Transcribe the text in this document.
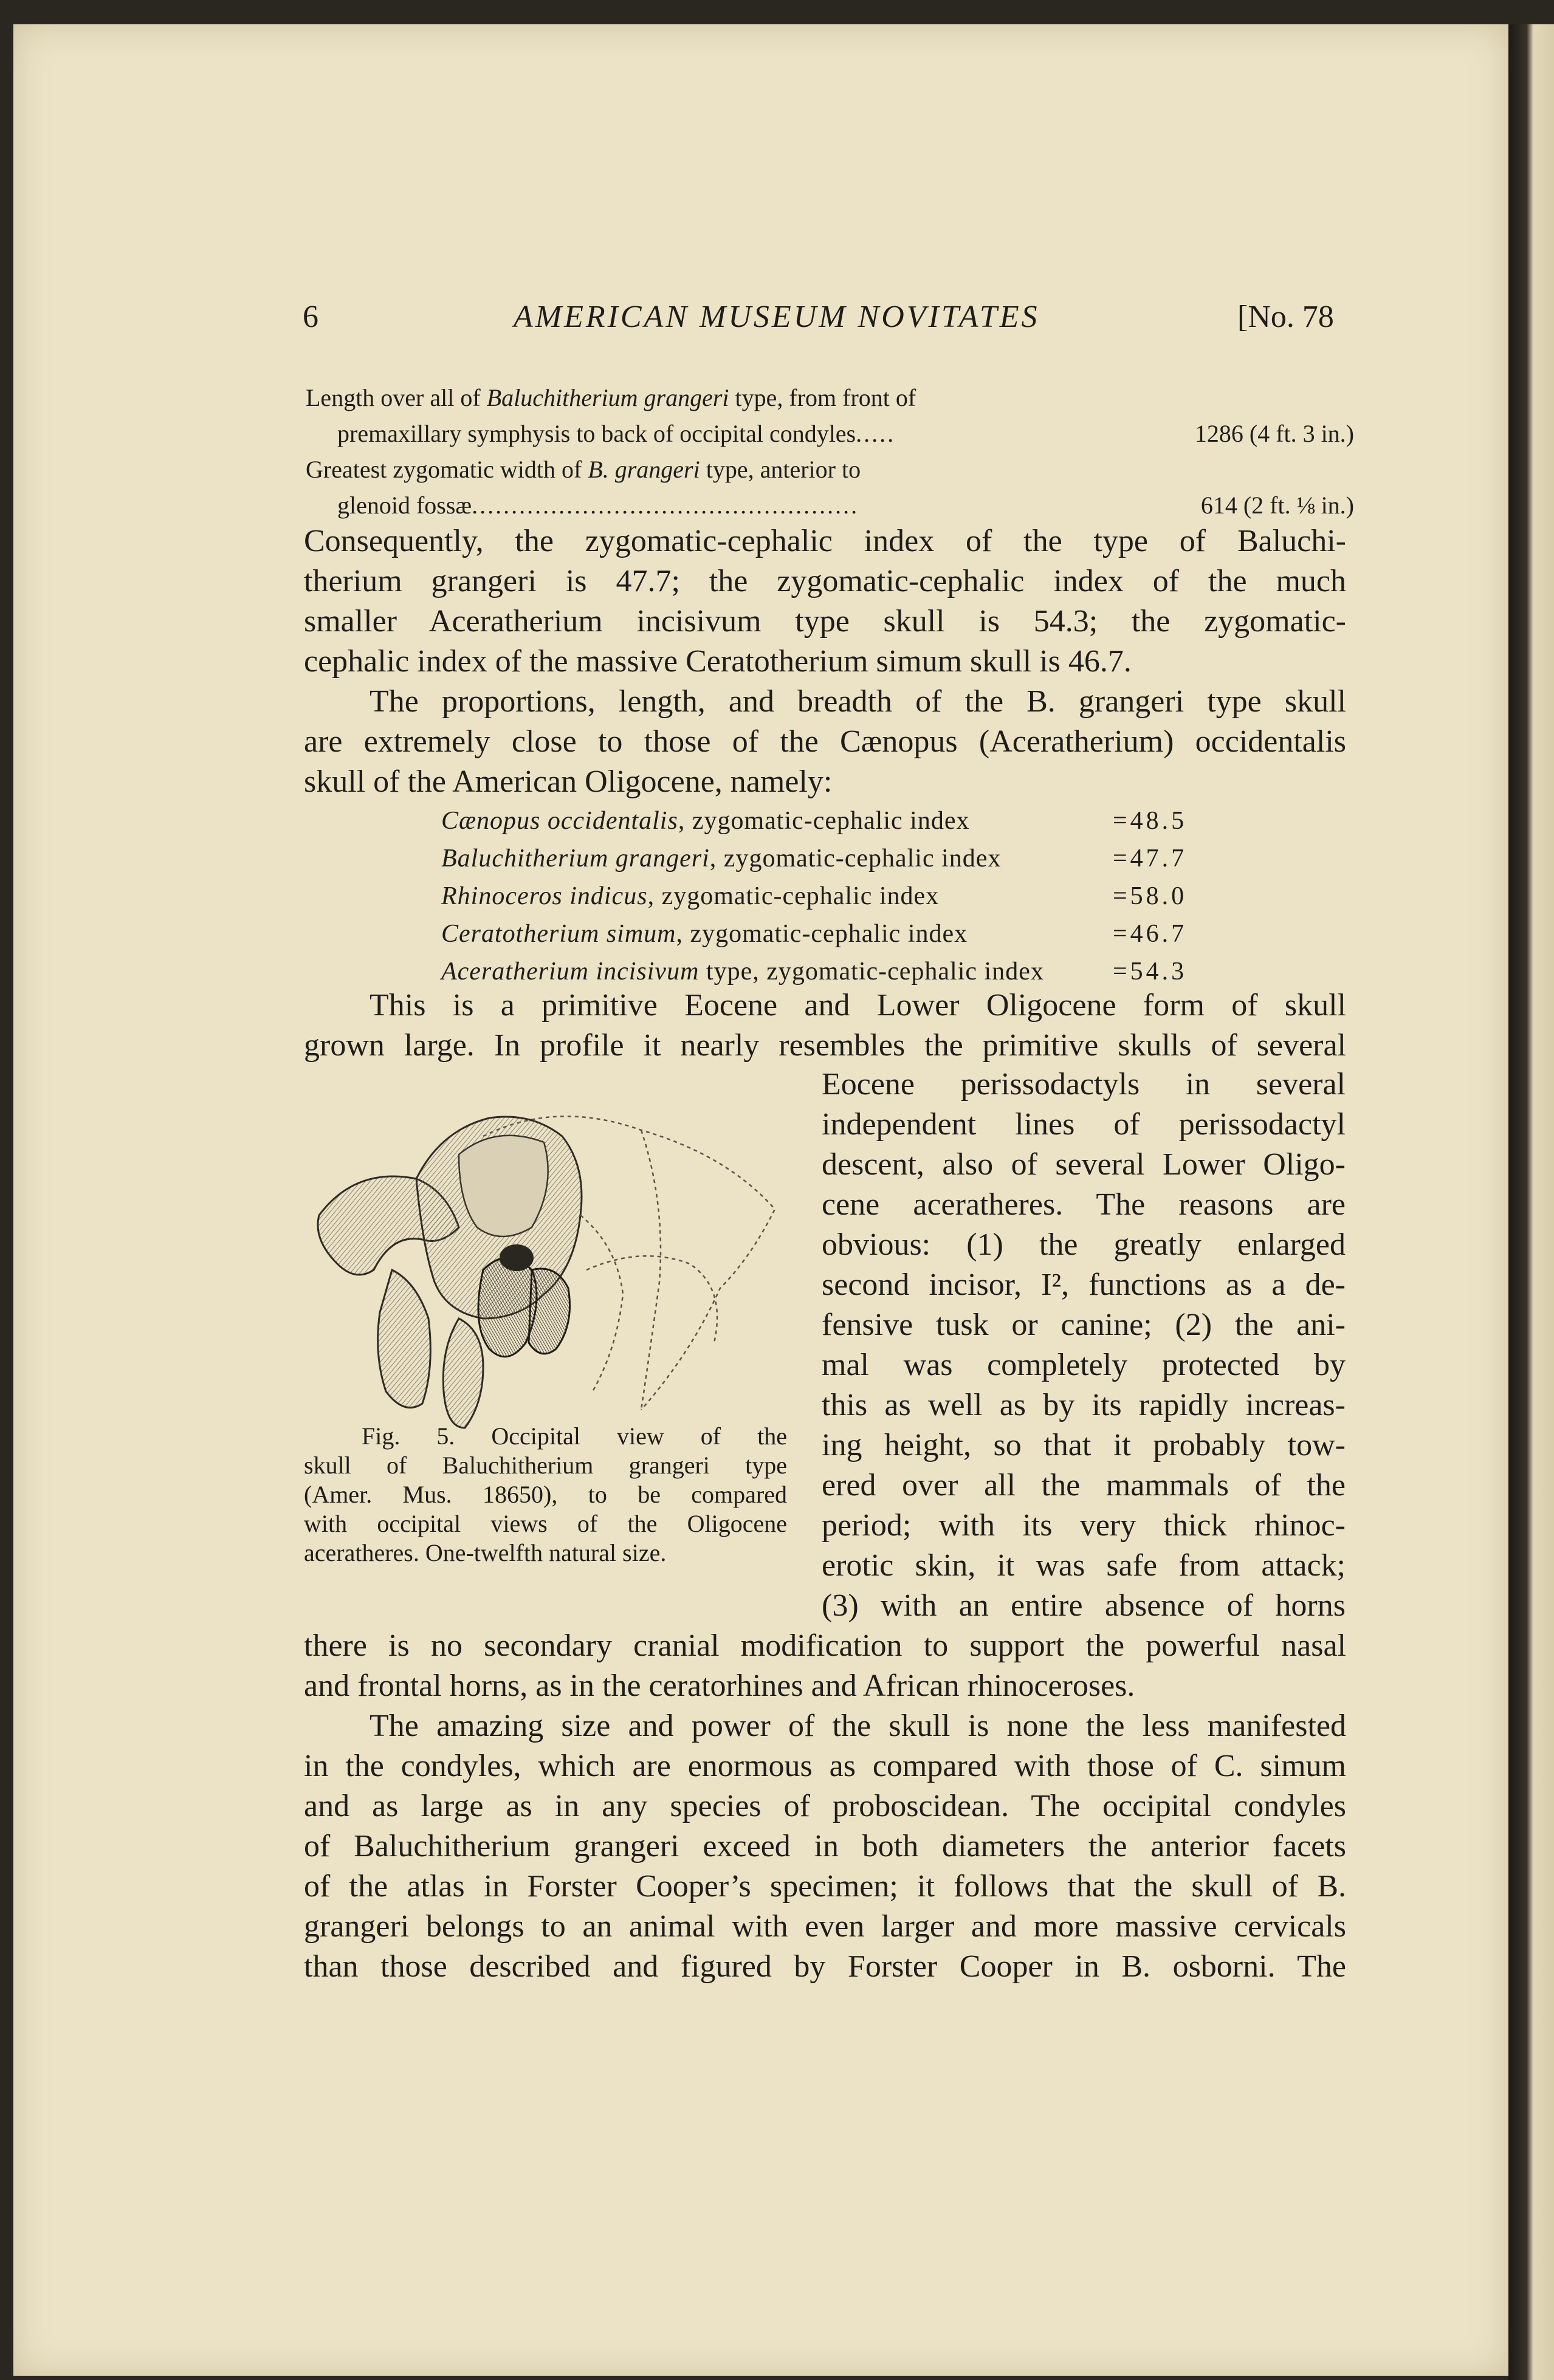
6	AMERICAN MUSEUM NOVITATES	[No. 78
Length over all of Baluchitherium grangeri type, from front of
premaxillary symphysis to back of occipital condyles.....	1286 (4 ft. 3 in.)
Greatest zygomatic width of B. grangeri type, anterior to
glenoid fossæ.................................................	614 (2 ft. ⅛ in.)
Consequently, the zygomatic-cephalic index of the type of Baluchi-
therium grangeri is 47.7; the zygomatic-cephalic index of the much
smaller Aceratherium incisivum type skull is 54.3; the zygomatic-
cephalic index of the massive Ceratotherium simum skull is 46.7.
The proportions, length, and breadth of the B. grangeri type skull
are extremely close to those of the Cænopus (Aceratherium) occidentalis
skull of the American Oligocene, namely:
Cænopus occidentalis, zygomatic-cephalic index	=48.5
Baluchitherium grangeri, zygomatic-cephalic index	=47.7
Rhinoceros indicus, zygomatic-cephalic index	=58.0
Ceratotherium simum, zygomatic-cephalic index	=46.7
Aceratherium incisivum type, zygomatic-cephalic index	=54.3
This is a primitive Eocene and Lower Oligocene form of skull
grown large. In profile it nearly resembles the primitive skulls of several
Fig. 5. Occipital view of the
skull of Baluchitherium grangeri type
(Amer. Mus. 18650), to be compared
with occipital views of the Oligocene
aceratheres. One-twelfth natural size.
Eocene perissodactyls in several
independent lines of perissodactyl
descent, also of several Lower Oligo-
cene aceratheres. The reasons are
obvious: (1) the greatly enlarged
second incisor, I², functions as a de-
fensive tusk or canine; (2) the ani-
mal was completely protected by
this as well as by its rapidly increas-
ing height, so that it probably tow-
ered over all the mammals of the
period; with its very thick rhinoc-
erotic skin, it was safe from attack;
(3) with an entire absence of horns
there is no secondary cranial modification to support the powerful nasal
and frontal horns, as in the ceratorhines and African rhinoceroses.
The amazing size and power of the skull is none the less manifested
in the condyles, which are enormous as compared with those of C. simum
and as large as in any species of proboscidean. The occipital condyles
of Baluchitherium grangeri exceed in both diameters the anterior facets
of the atlas in Forster Cooper’s specimen; it follows that the skull of B.
grangeri belongs to an animal with even larger and more massive cervicals
than those described and figured by Forster Cooper in B. osborni. The
